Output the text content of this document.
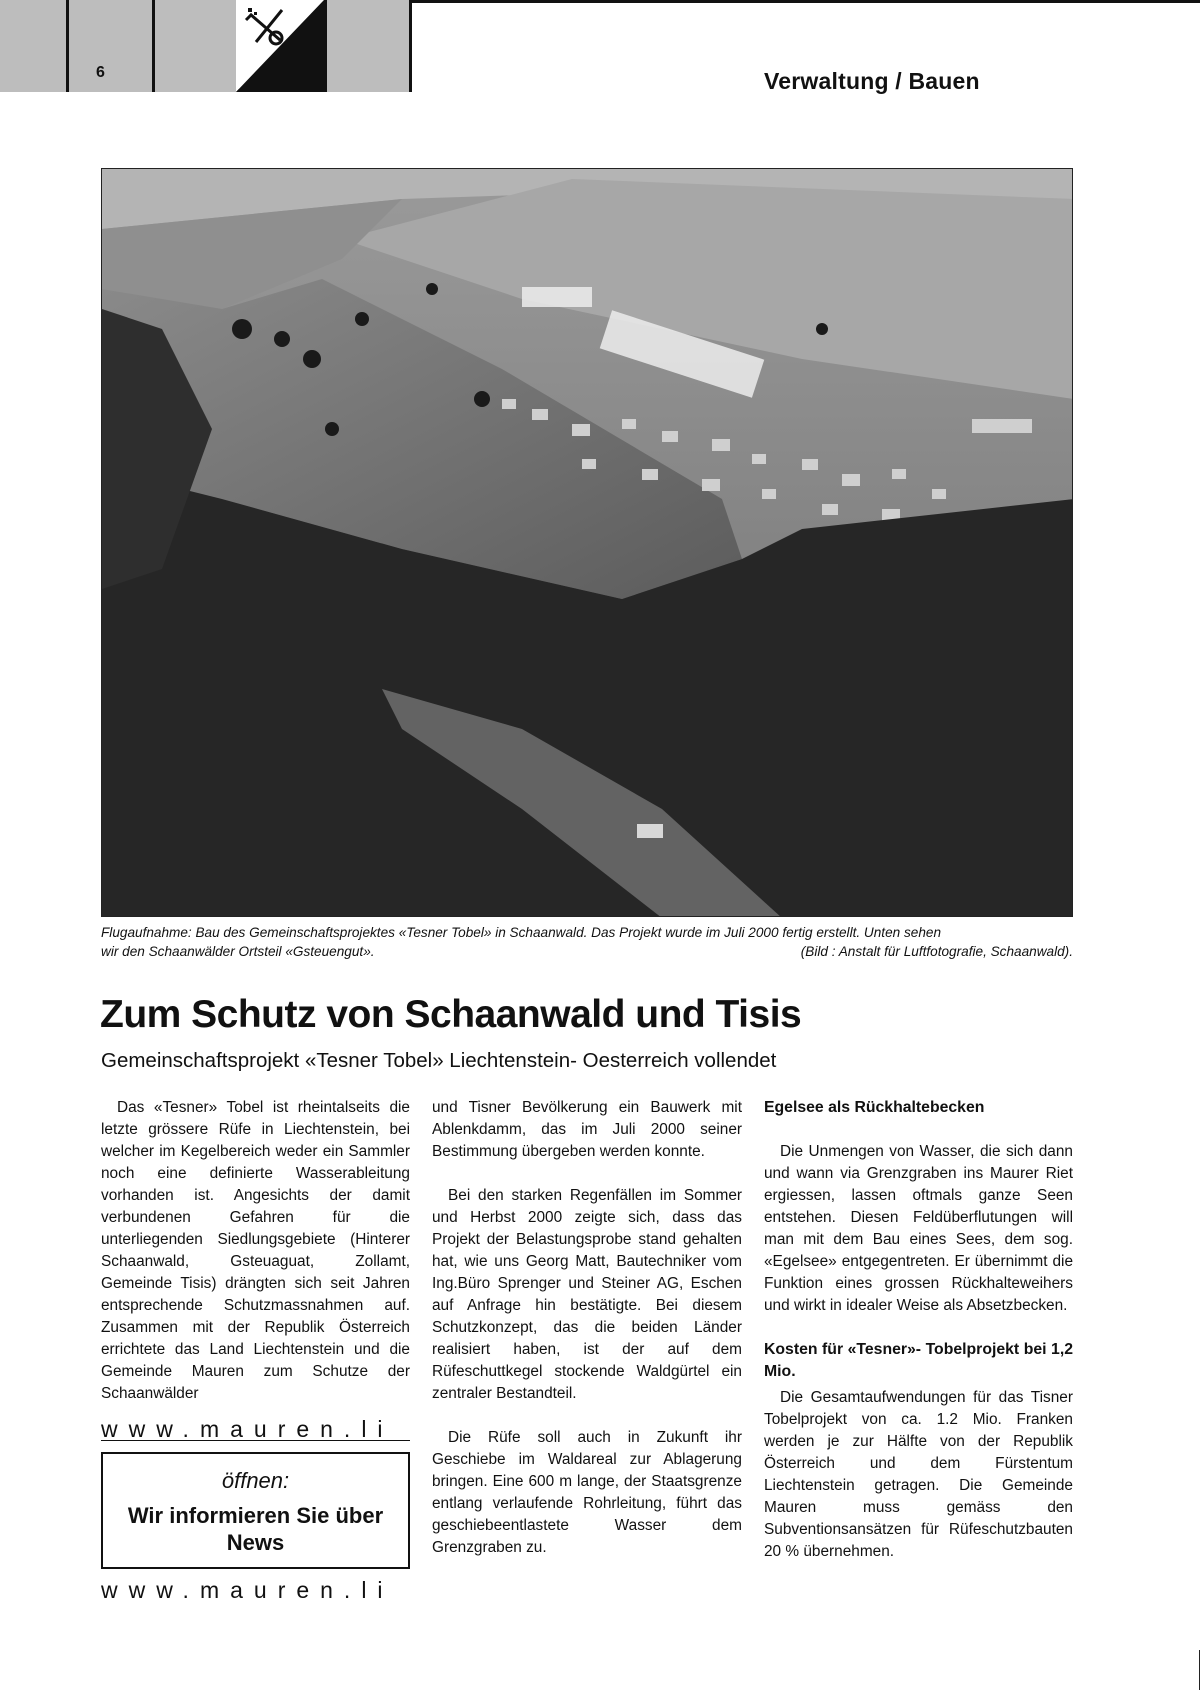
6	Verwaltung / Bauen
Flugaufnahme: Bau des Gemeinschaftsprojektes «Tesner Tobel» in Schaanwald. Das Projekt wurde im Juli 2000 fertig erstellt. Unten sehen
wir den Schaanwälder Ortsteil «Gsteuengut».	(Bild : Anstalt für Luftfotografie, Schaanwald).
Zum Schutz von Schaanwald und Tisis
Gemeinschaftsprojekt «Tesner Tobel» Liechtenstein- Oesterreich vollendet

Das «Tesner» Tobel ist rheintalseits die letzte grössere Rüfe in Liechtenstein, bei welcher im Kegelbereich weder ein Sammler noch eine definierte Wasserableitung vorhanden ist. Angesichts der damit verbundenen Gefahren für die unterliegenden Siedlungsgebiete (Hinterer Schaanwald, Gsteuaguat, Zollamt, Gemeinde Tisis) drängten sich seit Jahren entsprechende Schutzmassnahmen auf. Zusammen mit der Republik Österreich errichtete das Land Liechtenstein und die Gemeinde Mauren zum Schutze der Schaanwälder

www.mauren.li
öffnen:
Wir informieren Sie über News
www.mauren.li

und Tisner Bevölkerung ein Bauwerk mit Ablenkdamm, das im Juli 2000 seiner Bestimmung übergeben werden konnte.

Bei den starken Regenfällen im Sommer und Herbst 2000 zeigte sich, dass das Projekt der Belastungsprobe stand gehalten hat, wie uns Georg Matt, Bautechniker vom Ing.Büro Sprenger und Steiner AG, Eschen auf Anfrage hin bestätigte. Bei diesem Schutzkonzept, das die beiden Länder realisiert haben, ist der auf dem Rüfeschuttkegel stockende Waldgürtel ein zentraler Bestandteil.

Die Rüfe soll auch in Zukunft ihr Geschiebe im Waldareal zur Ablagerung bringen. Eine 600 m lange, der Staatsgrenze entlang verlaufende Rohrleitung, führt das geschiebeentlastete Wasser dem Grenzgraben zu.

Egelsee als Rückhaltebecken

Die Unmengen von Wasser, die sich dann und wann via Grenzgraben ins Maurer Riet ergiessen, lassen oftmals ganze Seen entstehen. Diesen Feldüberflutungen will man mit dem Bau eines Sees, dem sog. «Egelsee» entgegentreten. Er übernimmt die Funktion eines grossen Rückhalteweihers und wirkt in idealer Weise als Absetzbecken.

Kosten für «Tesner»- Tobelprojekt bei 1,2 Mio.

Die Gesamtaufwendungen für das Tisner Tobelprojekt von ca. 1.2 Mio. Franken werden je zur Hälfte von der Republik Österreich und dem Fürstentum Liechtenstein getragen. Die Gemeinde Mauren muss gemäss den Subventionsansätzen für Rüfeschutzbauten 20 % übernehmen.
